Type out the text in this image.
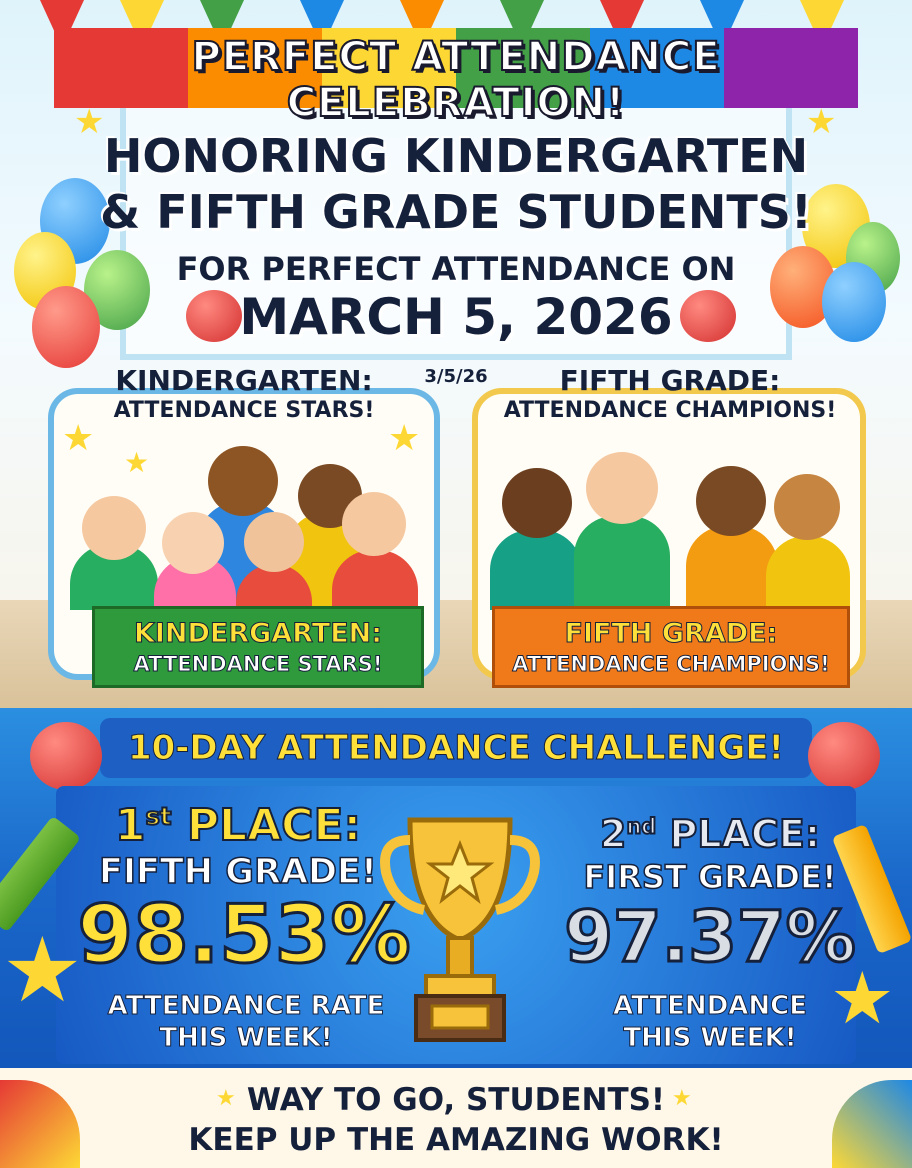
PERFECT ATTENDANCE CELEBRATION!
★	★
HONORING KINDERGARTEN
& FIFTH GRADE STUDENTS!
FOR PERFECT ATTENDANCE ON
MARCH 5, 2026
3/5/26
KINDERGARTEN:
ATTENDANCE STARS!
★	★
★
KINDERGARTEN:
ATTENDANCE STARS!
FIFTH GRADE:
ATTENDANCE CHAMPIONS!
FIFTH GRADE:
ATTENDANCE CHAMPIONS!
10-DAY ATTENDANCE CHALLENGE!
★	★
1st PLACE:
FIFTH GRADE!
98.53%
ATTENDANCE RATE
THIS WEEK!
2nd PLACE:
FIRST GRADE!
97.37%
ATTENDANCE
THIS WEEK!
★	★
WAY TO GO, STUDENTS!
KEEP UP THE AMAZING WORK!
